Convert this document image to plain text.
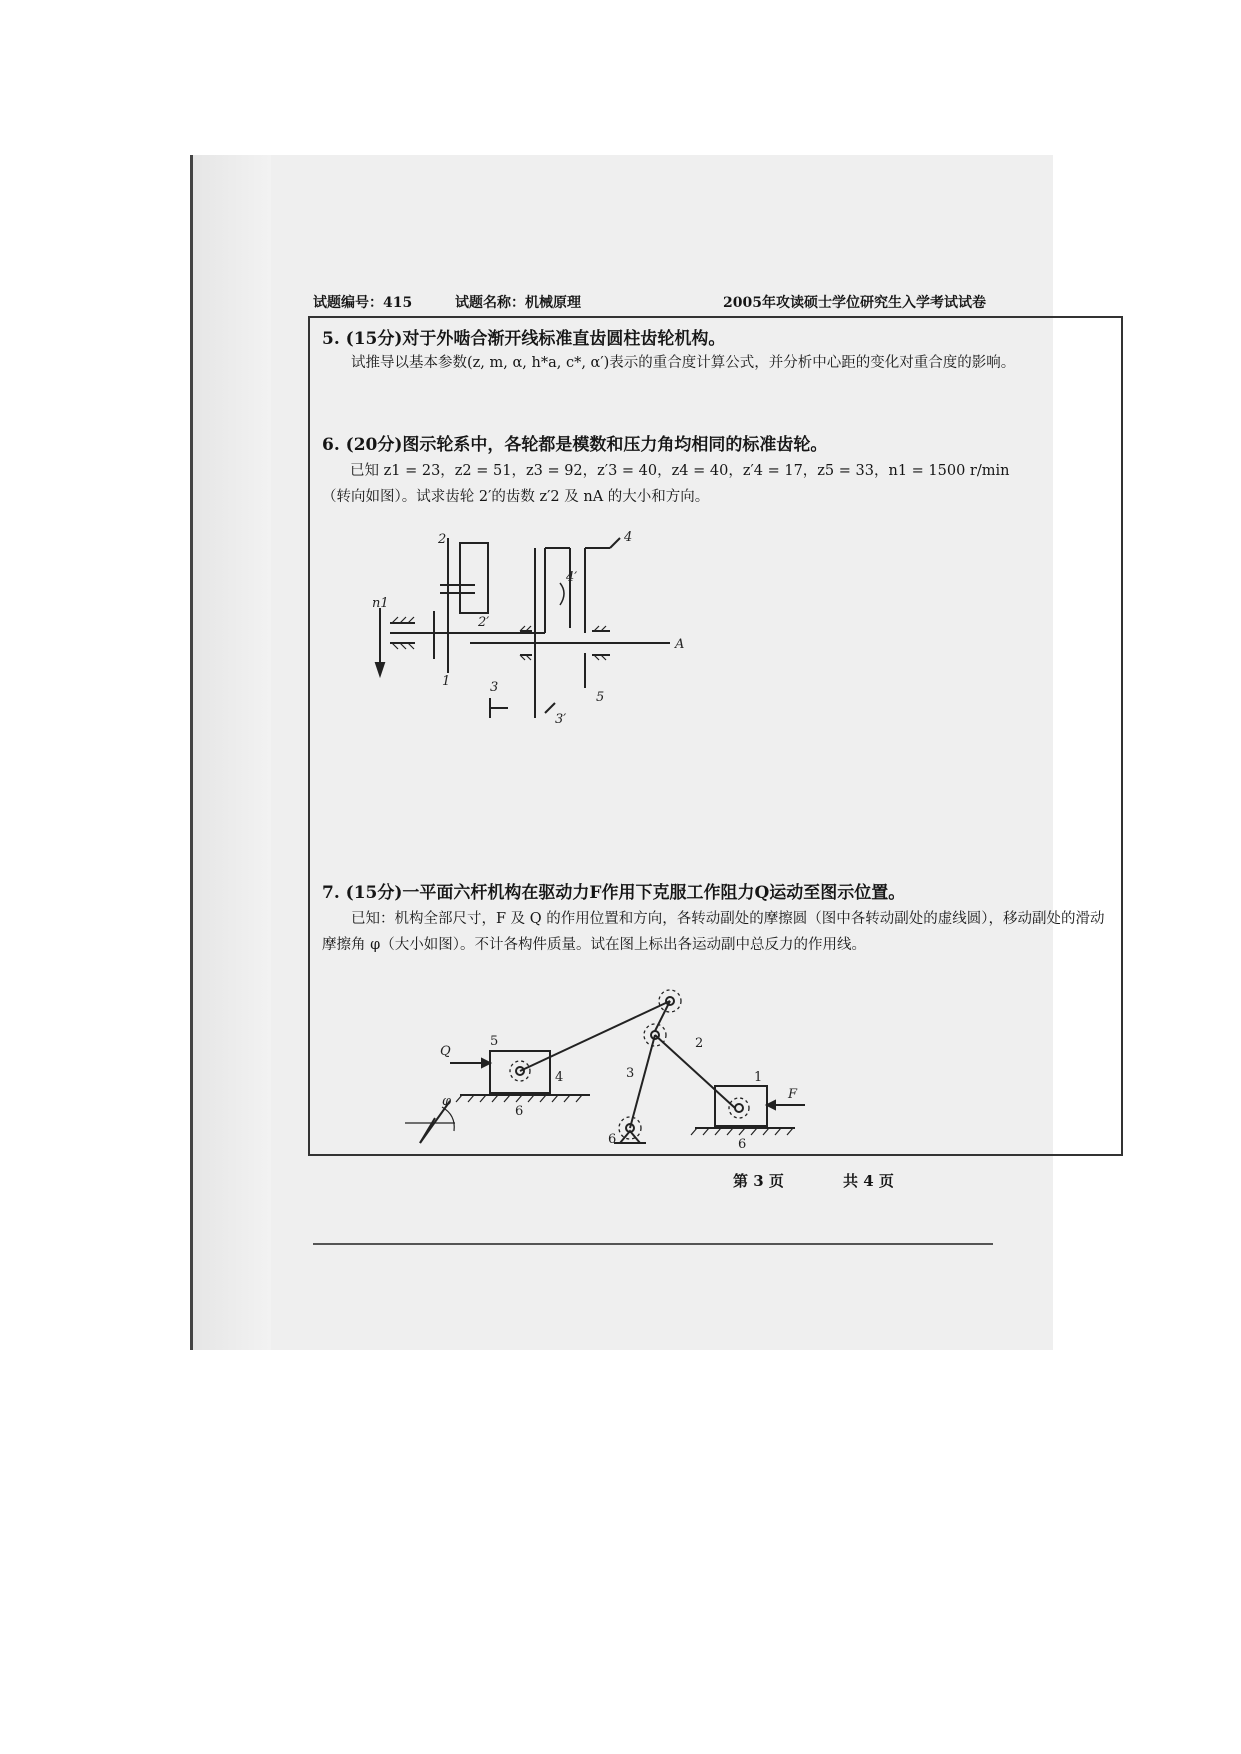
试题编号：415	试题名称：机械原理	2005年攻读硕士学位研究生入学考试试卷
5. (15分)对于外啮合渐开线标准直齿圆柱齿轮机构。
试推导以基本参数(z, m, α, h*a, c*, α′)表示的重合度计算公式，并分析中心距的变化对重合度的影响。
6. (20分)图示轮系中，各轮都是模数和压力角均相同的标准齿轮。
已知 z1 = 23，z2 = 51，z3 = 92，z′3 = 40，z4 = 40，z′4 = 17，z5 = 33，n1 = 1500 r/min
（转向如图）。试求齿轮 2′的齿数 z′2 及 nA 的大小和方向。
n1
2
2′
1	3
3′
4
4′
5
A
7. (15分)一平面六杆机构在驱动力F作用下克服工作阻力Q运动至图示位置。
已知：机构全部尺寸，F 及 Q 的作用位置和方向，各转动副处的摩擦圆（图中各转动副处的虚线圆），移动副处的滑动摩擦角 φ（大小如图）。不计各构件质量。试在图上标出各运动副中总反力的作用线。
5
4
6
Q
2
3
6
1
6
F
φ
第 3 页	共 4 页
